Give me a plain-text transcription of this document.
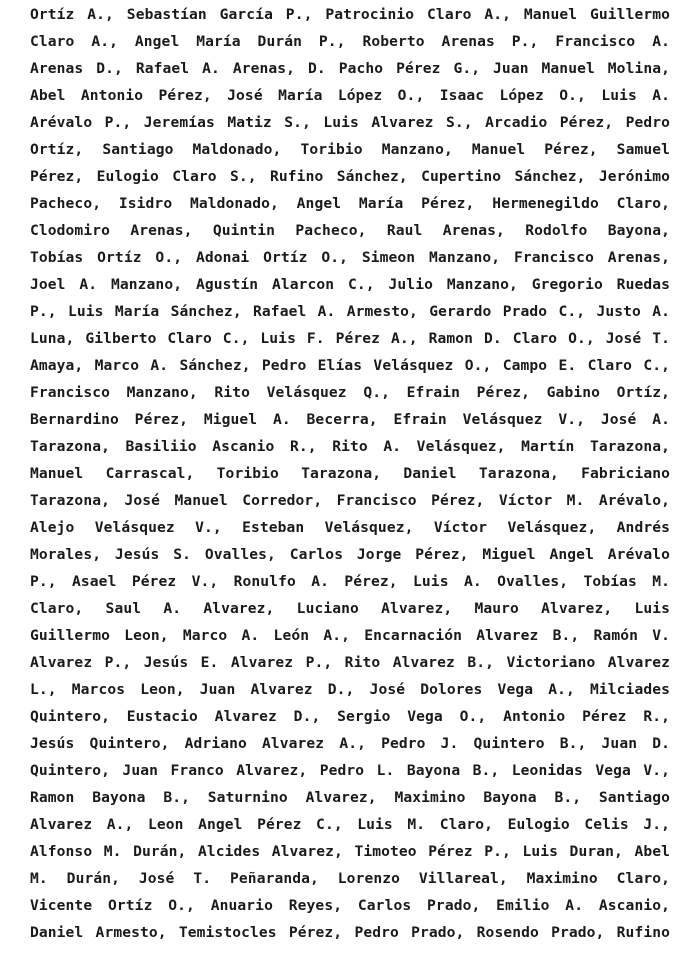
Ortíz A., Sebastían García P., Patrocinio Claro A., Manuel Guillermo
Claro A., Angel María Durán P., Roberto Arenas P., Francisco A.
Arenas D., Rafael A. Arenas, D. Pacho Pérez G., Juan Manuel Molina,
Abel Antonio Pérez, José María López O., Isaac López O., Luis A.
Arévalo P., Jeremías Matiz S., Luis Alvarez S., Arcadio Pérez, Pedro
Ortíz, Santiago Maldonado, Toribio Manzano, Manuel Pérez, Samuel
Pérez, Eulogio Claro S., Rufino Sánchez, Cupertino Sánchez, Jerónimo
Pacheco, Isidro Maldonado, Angel María Pérez, Hermenegildo Claro,
Clodomiro Arenas, Quintin Pacheco, Raul Arenas, Rodolfo Bayona,
Tobías Ortíz O., Adonai Ortíz O., Simeon Manzano, Francisco Arenas,
Joel A. Manzano, Agustín Alarcon C., Julio Manzano, Gregorio Ruedas
P., Luis María Sánchez, Rafael A. Armesto, Gerardo Prado C., Justo A.
Luna, Gilberto Claro C., Luis F. Pérez A., Ramon D. Claro O., José T.
Amaya, Marco A. Sánchez, Pedro Elías Velásquez O., Campo E. Claro C.,
Francisco Manzano, Rito Velásquez Q., Efrain Pérez, Gabino Ortíz,
Bernardino Pérez, Miguel A. Becerra, Efrain Velásquez V., José A.
Tarazona, Basiliio Ascanio R., Rito A. Velásquez, Martín Tarazona,
Manuel Carrascal, Toribio Tarazona, Daniel Tarazona, Fabriciano
Tarazona, José Manuel Corredor, Francisco Pérez, Víctor M. Arévalo,
Alejo Velásquez V., Esteban Velásquez, Víctor Velásquez, Andrés
Morales, Jesús S. Ovalles, Carlos Jorge Pérez, Miguel Angel Arévalo
P., Asael Pérez V., Ronulfo A. Pérez, Luis A. Ovalles, Tobías M.
Claro, Saul A. Alvarez, Luciano Alvarez, Mauro Alvarez, Luis
Guillermo Leon, Marco A. León A., Encarnación Alvarez B., Ramón V.
Alvarez P., Jesús E. Alvarez P., Rito Alvarez B., Victoriano Alvarez
L., Marcos Leon, Juan Alvarez D., José Dolores Vega A., Milciades
Quintero, Eustacio Alvarez D., Sergio Vega O., Antonio Pérez R.,
Jesús Quintero, Adriano Alvarez A., Pedro J. Quintero B., Juan D.
Quintero, Juan Franco Alvarez, Pedro L. Bayona B., Leonidas Vega V.,
Ramon Bayona B., Saturnino Alvarez, Maximino Bayona B., Santiago
Alvarez A., Leon Angel Pérez C., Luis M. Claro, Eulogio Celis J.,
Alfonso M. Durán, Alcides Alvarez, Timoteo Pérez P., Luis Duran, Abel
M. Durán, José T. Peñaranda, Lorenzo Villareal, Maximino Claro,
Vicente Ortíz O., Anuario Reyes, Carlos Prado, Emilio A. Ascanio,
Daniel Armesto, Temistocles Pérez, Pedro Prado, Rosendo Prado, Rufino
